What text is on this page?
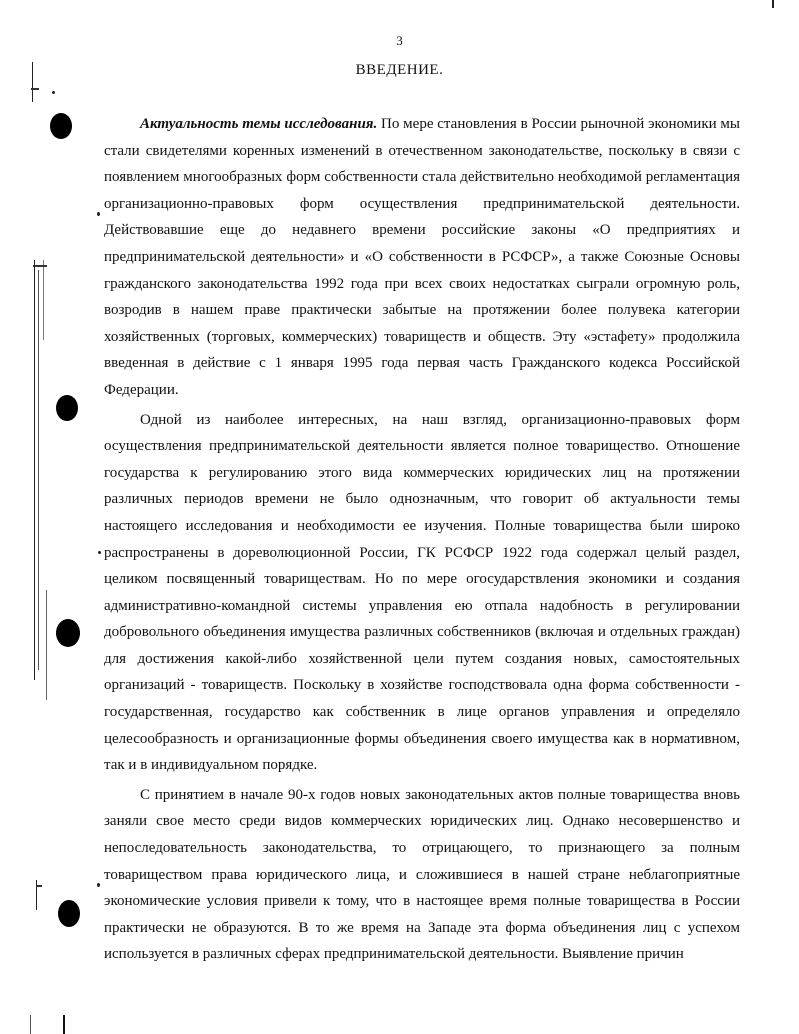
3
ВВЕДЕНИЕ.

Актуальность темы исследования. По мере становления в России рыночной экономики мы стали свидетелями коренных изменений в отечественном законодательстве, поскольку в связи с появлением многообразных форм собственности стала действительно необходимой регламентация организационно-правовых форм осуществления предпринимательской деятельности. Действовавшие еще до недавнего времени российские законы «О предприятиях и предпринимательской деятельности» и «О собственности в РСФСР», а также Союзные Основы гражданского законодательства 1992 года при всех своих недостатках сыграли огромную роль, возродив в нашем праве практически забытые на протяжении более полувека категории хозяйственных (торговых, коммерческих) товариществ и обществ. Эту «эстафету» продолжила введенная в действие с 1 января 1995 года первая часть Гражданского кодекса Российской Федерации.

Одной из наиболее интересных, на наш взгляд, организационно-правовых форм осуществления предпринимательской деятельности является полное товарищество. Отношение государства к регулированию этого вида коммерческих юридических лиц на протяжении различных периодов времени не было однозначным, что говорит об актуальности темы настоящего исследования и необходимости ее изучения. Полные товарищества были широко распространены в дореволюционной России, ГК РСФСР 1922 года содержал целый раздел, целиком посвященный товариществам. Но по мере огосударствления экономики и создания административно-командной системы управления ею отпала надобность в регулировании добровольного объединения имущества различных собственников (включая и отдельных граждан) для достижения какой-либо хозяйственной цели путем создания новых, самостоятельных организаций - товариществ. Поскольку в хозяйстве господствовала одна форма собственности - государственная, государство как собственник в лице органов управления и определяло целесообразность и организационные формы объединения своего имущества как в нормативном, так и в индивидуальном порядке.

С принятием в начале 90-х годов новых законодательных актов полные товарищества вновь заняли свое место среди видов коммерческих юридических лиц. Однако несовершенство и непоследовательность законодательства, то отрицающего, то признающего за полным товариществом права юридического лица, и сложившиеся в нашей стране неблагоприятные экономические условия привели к тому, что в настоящее время полные товарищества в России практически не образуются. В то же время на Западе эта форма объединения лиц с успехом используется в различных сферах предпринимательской деятельности. Выявление причин
